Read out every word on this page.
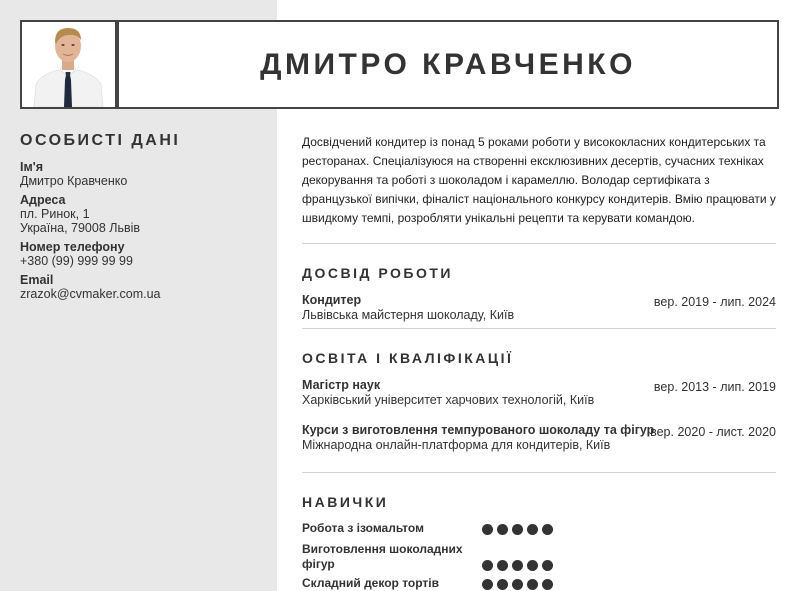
ДМИТРО КРАВЧЕНКО
ОСОБИСТІ ДАНІ
Ім'я
Дмитро Кравченко
Адреса
пл. Ринок, 1
Україна, 79008 Львів
Номер телефону
+380 (99) 999 99 99
Email
zrazok@cvmaker.com.ua

Досвідчений кондитер із понад 5 роками роботи у висококласних кондитерських та ресторанах. Спеціалізуюся на створенні ексклюзивних десертів, сучасних техніках декорування та роботі з шоколадом і карамеллю. Володар сертифіката з французької випічки, фіналіст національного конкурсу кондитерів. Вмію працювати у швидкому темпі, розробляти унікальні рецепти та керувати командою.

ДОСВІД РОБОТИ
Кондитер
Львівська майстерня шоколаду, Київ
вер. 2019 - лип. 2024
ОСВІТА І КВАЛІФІКАЦІЇ
Магістр наук
Харківський університет харчових технологій, Київ
вер. 2013 - лип. 2019
Курси з виготовлення темпурованого шоколаду та фігур
Міжнародна онлайн-платформа для кондитерів, Київ
вер. 2020 - лист. 2020
НАВИЧКИ
Робота з ізомальтом
Виготовлення шоколадних фігур
Складний декор тортів
